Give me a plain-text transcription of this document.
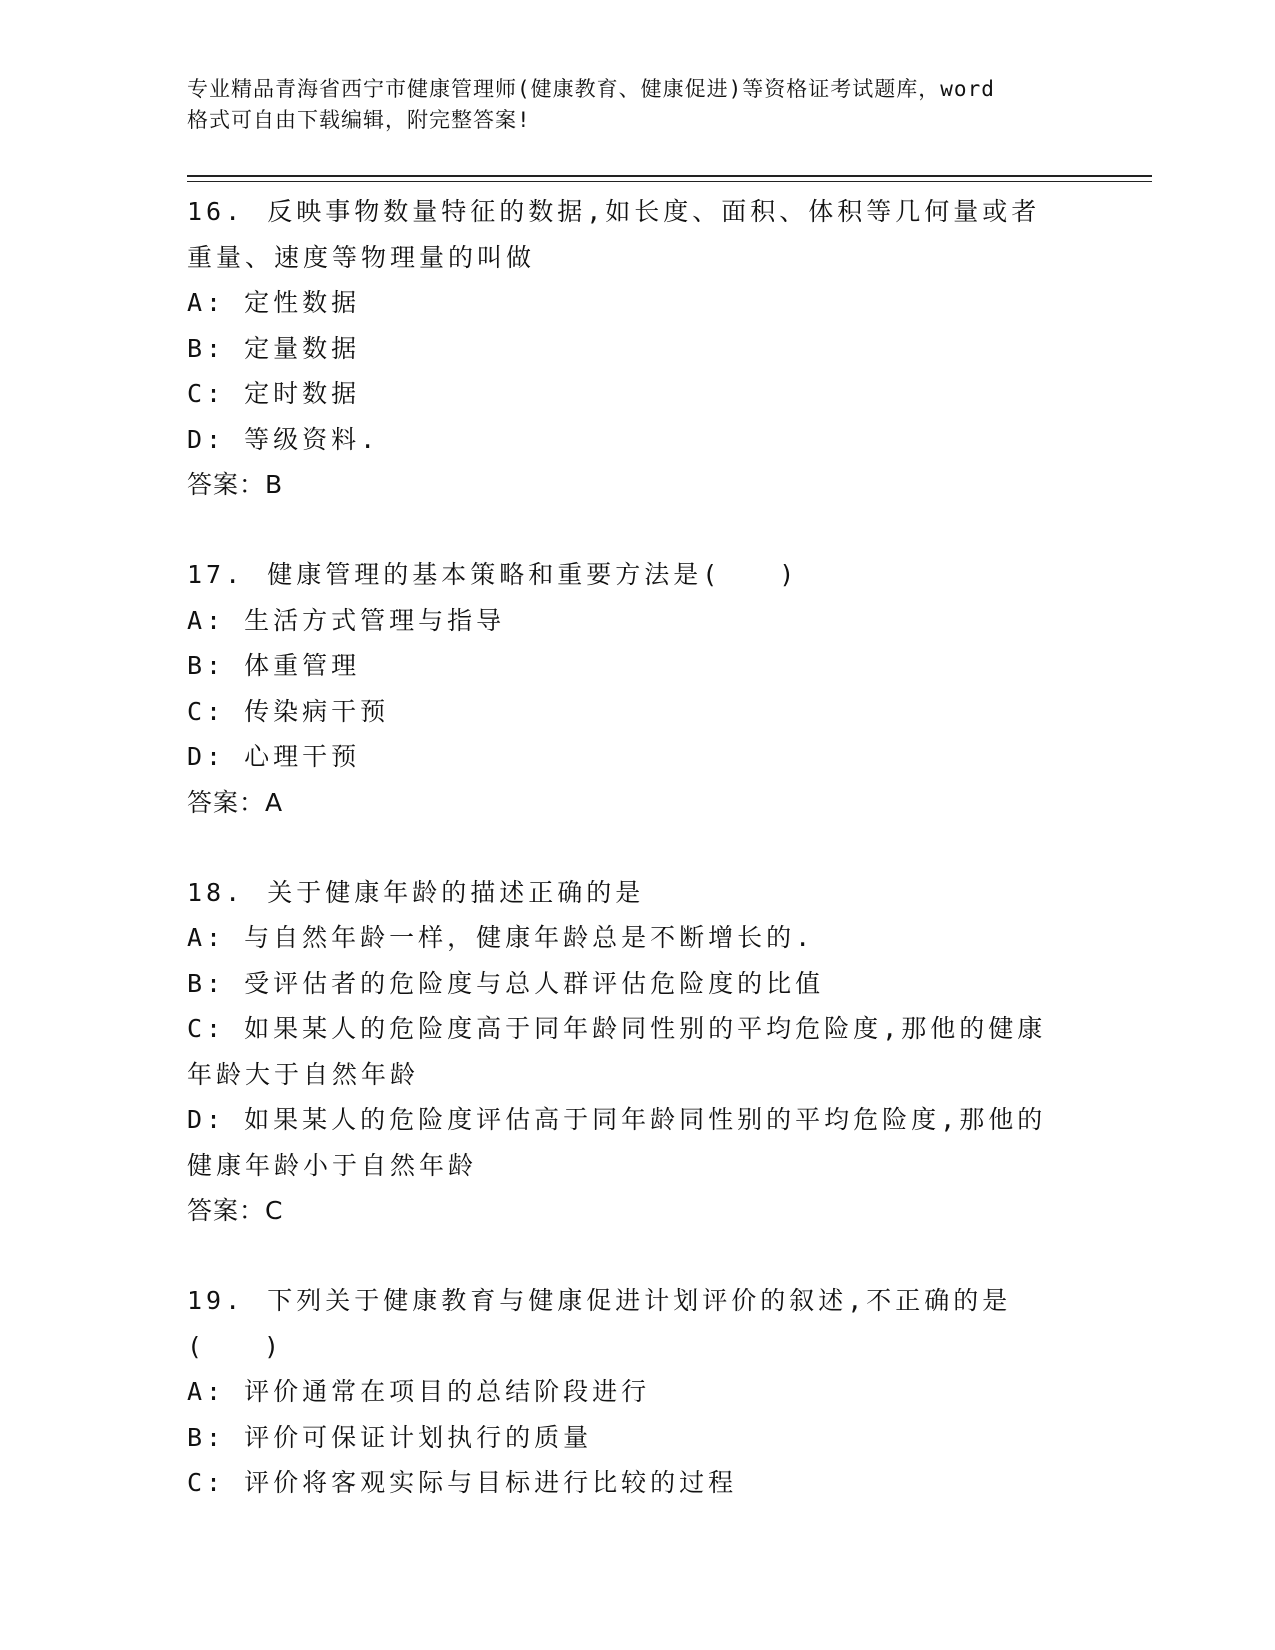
专业精品青海省西宁市健康管理师(健康教育、健康促进)等资格证考试题库，word
格式可自由下载编辑，附完整答案!
16. 反映事物数量特征的数据,如长度、面积、体积等几何量或者重量、速度等物理量的叫做
A: 定性数据
B: 定量数据
C: 定时数据
D: 等级资料.
答案：B
17. 健康管理的基本策略和重要方法是(　　)
A: 生活方式管理与指导
B: 体重管理
C: 传染病干预
D: 心理干预
答案：A
18. 关于健康年龄的描述正确的是
A: 与自然年龄一样，健康年龄总是不断增长的.
B: 受评估者的危险度与总人群评估危险度的比值
C: 如果某人的危险度高于同年龄同性别的平均危险度,那他的健康年龄大于自然年龄
D: 如果某人的危险度评估高于同年龄同性别的平均危险度,那他的健康年龄小于自然年龄
答案：C
19. 下列关于健康教育与健康促进计划评价的叙述,不正确的是(　　)
A: 评价通常在项目的总结阶段进行
B: 评价可保证计划执行的质量
C: 评价将客观实际与目标进行比较的过程
